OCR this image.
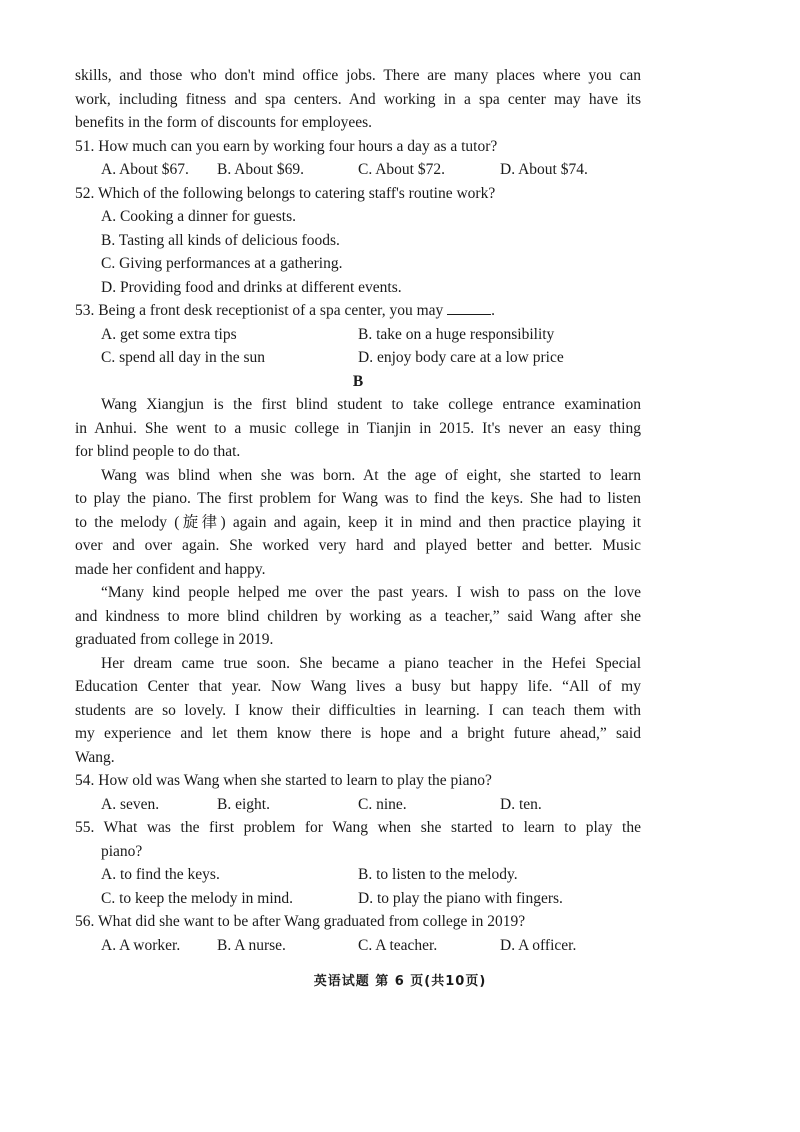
skills, and those who don't mind office jobs. There are many places where you can
work, including fitness and spa centers. And working in a spa center may have its
benefits in the form of discounts for employees.
51. How much can you earn by working four hours a day as a tutor?
A. About $67. B. About $69.	C. About $72.	D. About $74.
52. Which of the following belongs to catering staff's routine work?
A. Cooking a dinner for guests.
B. Tasting all kinds of delicious foods.
C. Giving performances at a gathering.
D. Providing food and drinks at different events.
53. Being a front desk receptionist of a spa center, you may	.
A. get some extra tips	B. take on a huge responsibility
C. spend all day in the sun	D. enjoy body care at a low price
B
Wang Xiangjun is the first blind student to take college entrance examination
in Anhui. She went to a music college in Tianjin in 2015. It's never an easy thing
for blind people to do that.
Wang was blind when she was born. At the age of eight, she started to learn
to play the piano. The first problem for Wang was to find the keys. She had to listen
to the melody (旋律) again and again, keep it in mind and then practice playing it
over and over again. She worked very hard and played better and better. Music
made her confident and happy.
“Many kind people helped me over the past years. I wish to pass on the love
and kindness to more blind children by working as a teacher,” said Wang after she
graduated from college in 2019.
Her dream came true soon. She became a piano teacher in the Hefei Special
Education Center that year. Now Wang lives a busy but happy life. “All of my
students are so lovely. I know their difficulties in learning. I can teach them with
my experience and let them know there is hope and a bright future ahead,” said
Wang.
54. How old was Wang when she started to learn to play the piano?
A. seven.	B. eight.	C. nine.	D. ten.
55. What was the first problem for Wang when she started to learn to play the
piano?
A. to find the keys.	B. to listen to the melody.
C. to keep the melody in mind.	D. to play the piano with fingers.
56. What did she want to be after Wang graduated from college in 2019?
A. A worker. B. A nurse.	C. A teacher.	D. A officer.
英语试题 第 6 页(共10页)
